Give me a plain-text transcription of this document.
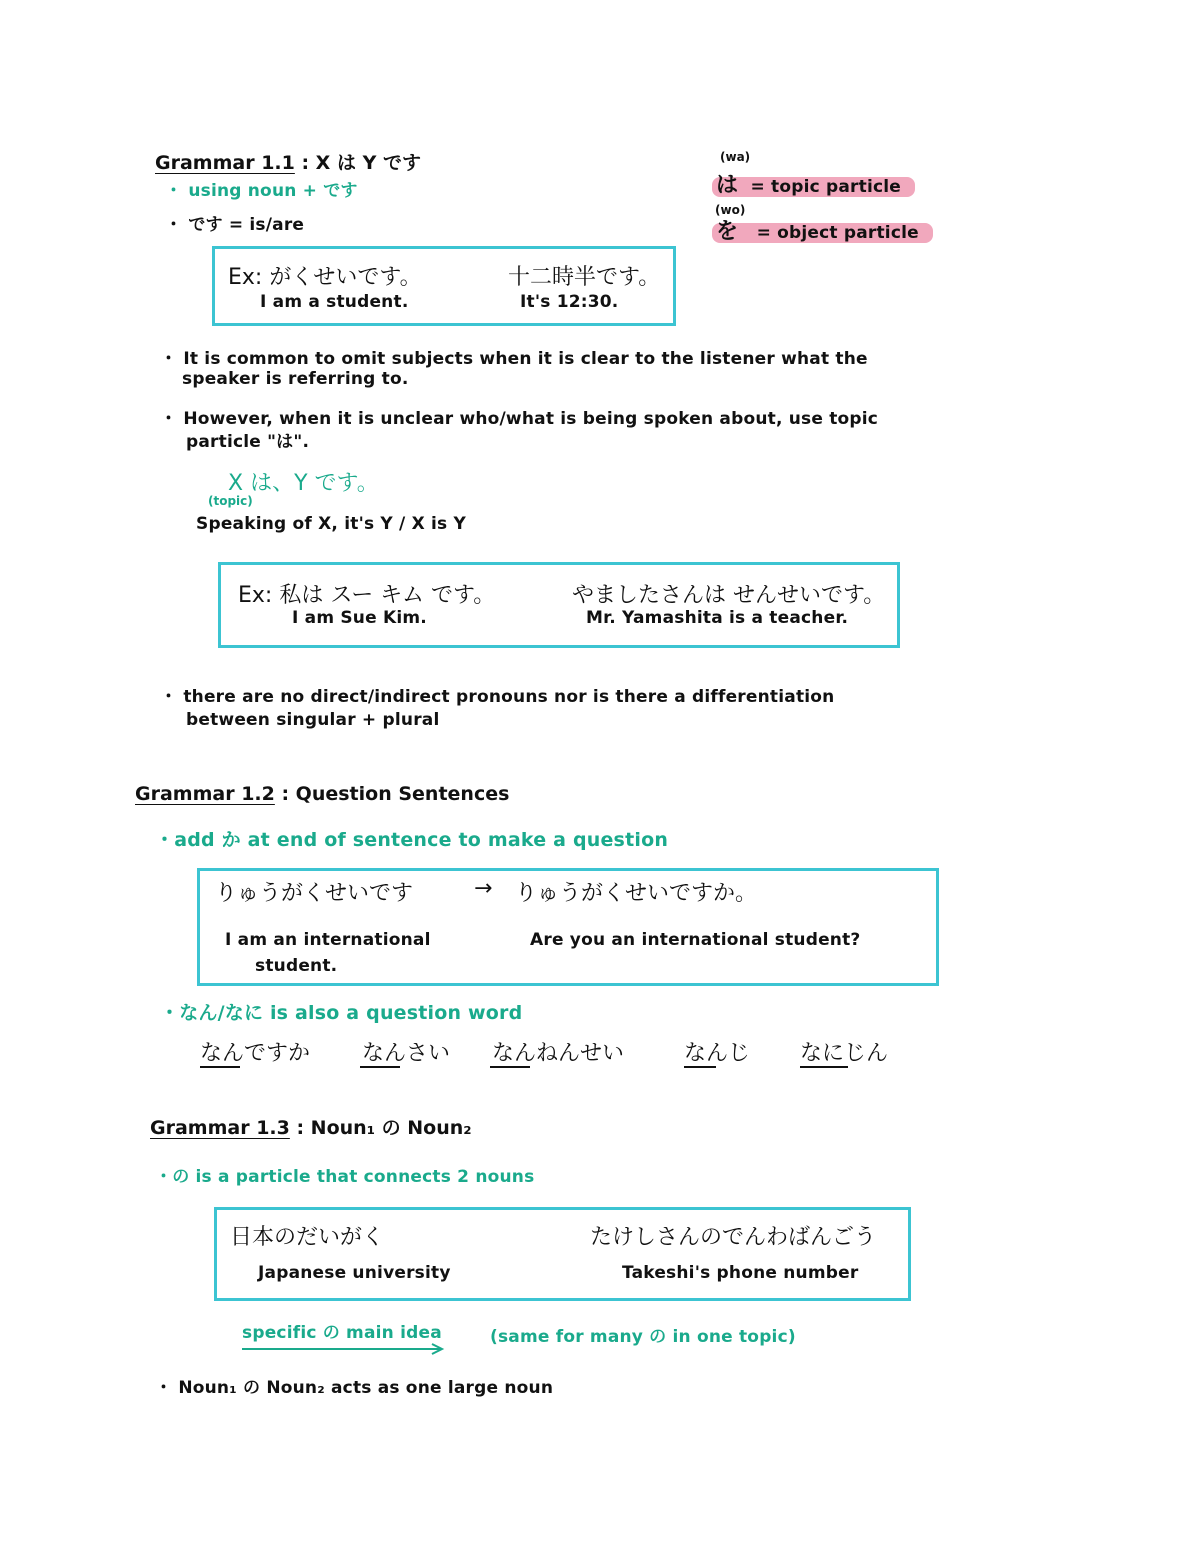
Grammar 1.1 : X は Y です
・ using noun + です
・ です = is/are
(wa)
は = topic particle
(wo)
を = object particle
Ex: がくせいです。
I am a student.
十二時半です。
It's 12:30.
・ It is common to omit subjects when it is clear to the listener what the
speaker is referring to.
・ However, when it is unclear who/what is being spoken about, use topic
particle "は".
X は、Y です。
(topic)
Speaking of X, it's Y / X is Y
Ex: 私は スー キム です。
I am Sue Kim.
やましたさんは せんせいです。
Mr. Yamashita is a teacher.
・ there are no direct/indirect pronouns nor is there a differentiation
between singular + plural
Grammar 1.2 : Question Sentences
・add か at end of sentence to make a question
りゅうがくせいです	→ りゅうがくせいですか。
I am an international
student.
Are you an international student?
・なん/なに is also a question word
なんですか なんさい なんねんせい	なんじ なにじん
Grammar 1.3 : Noun₁ の Noun₂
・の is a particle that connects 2 nouns
日本のだいがく
Japanese university
たけしさんのでんわばんごう
Takeshi's phone number
specific の main idea	(same for many の in one topic)
・ Noun₁ の Noun₂ acts as one large noun
